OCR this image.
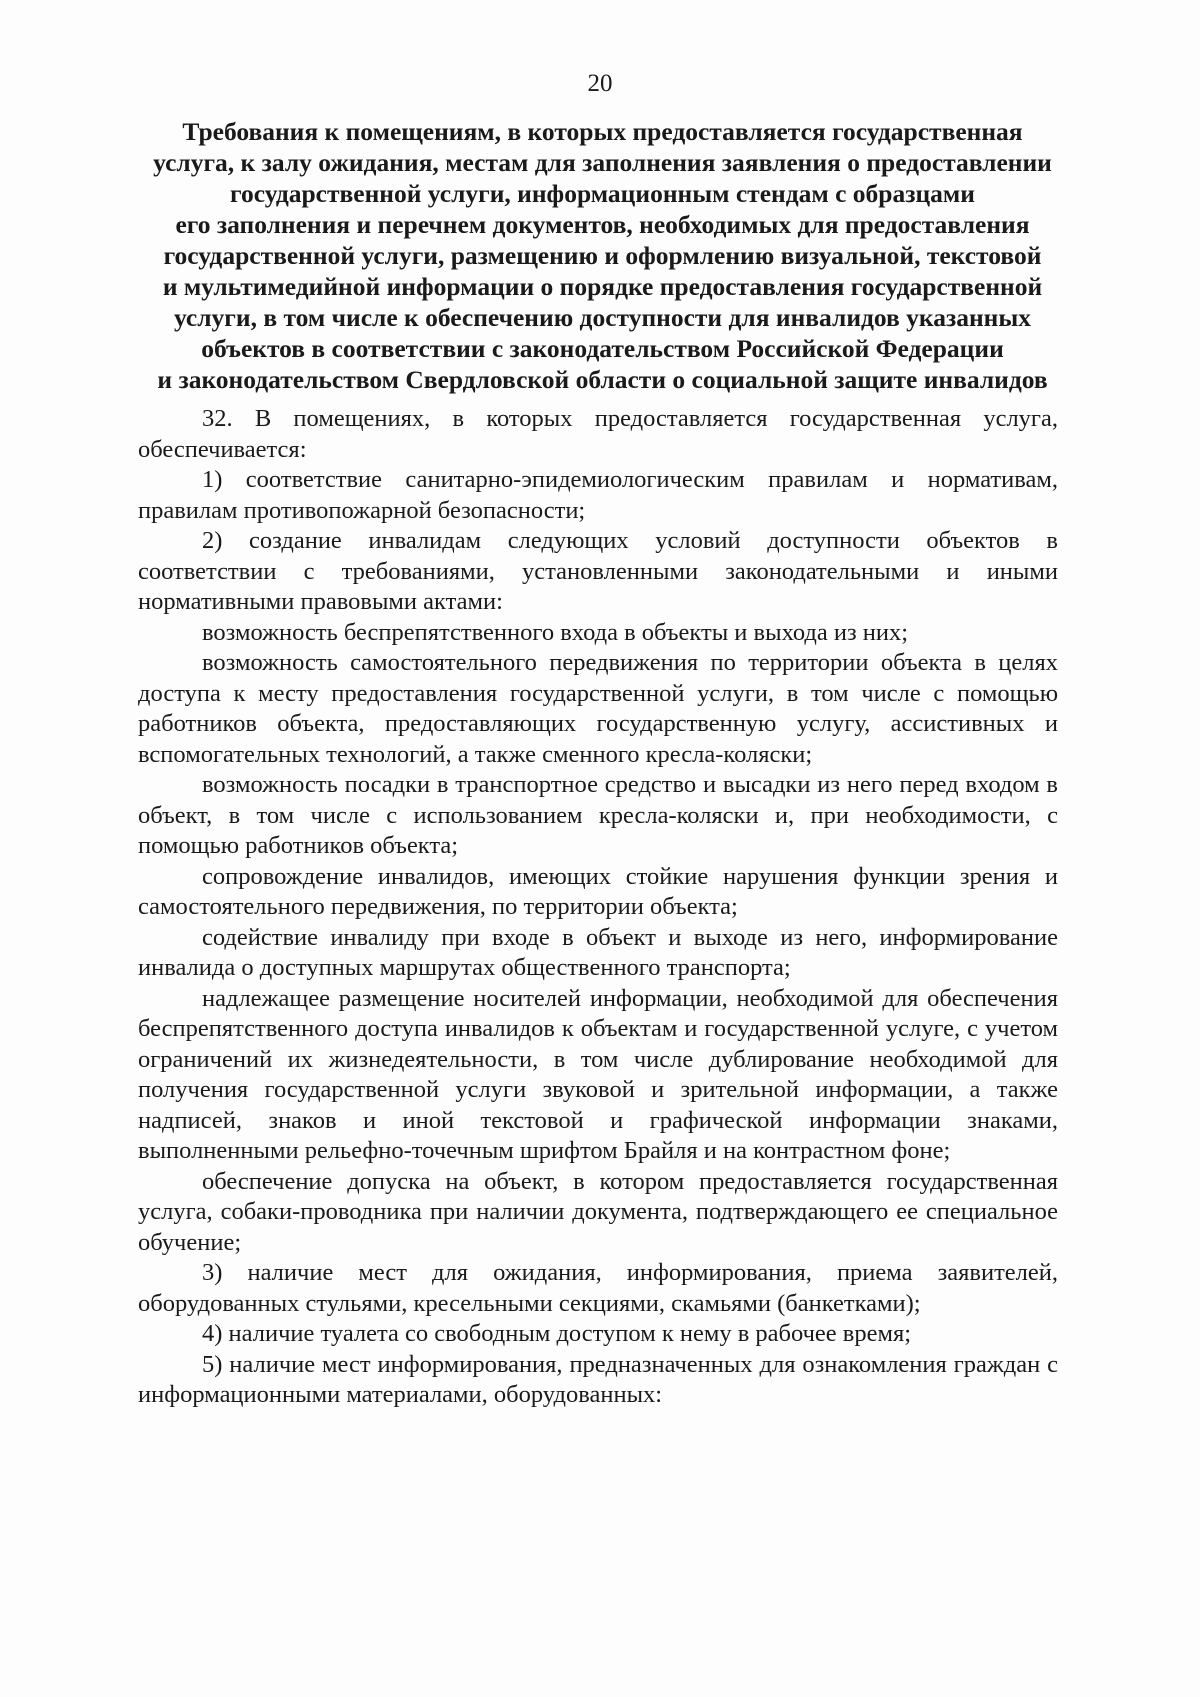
20
Требования к помещениям, в которых предоставляется государственная
услуга, к залу ожидания, местам для заполнения заявления о предоставлении
государственной услуги, информационным стендам с образцами
его заполнения и перечнем документов, необходимых для предоставления
государственной услуги, размещению и оформлению визуальной, текстовой
и мультимедийной информации о порядке предоставления государственной
услуги, в том числе к обеспечению доступности для инвалидов указанных
объектов в соответствии с законодательством Российской Федерации
и законодательством Свердловской области о социальной защите инвалидов

32. В помещениях, в которых предоставляется государственная услуга, обеспечивается:

1) соответствие санитарно-эпидемиологическим правилам и нормативам, правилам противопожарной безопасности;

2) создание инвалидам следующих условий доступности объектов в соответствии с требованиями, установленными законодательными и иными нормативными правовыми актами:

возможность беспрепятственного входа в объекты и выхода из них;

возможность самостоятельного передвижения по территории объекта в целях доступа к месту предоставления государственной услуги, в том числе с помощью работников объекта, предоставляющих государственную услугу, ассистивных и вспомогательных технологий, а также сменного кресла-коляски;

возможность посадки в транспортное средство и высадки из него перед входом в объект, в том числе с использованием кресла-коляски и, при необходимости, с помощью работников объекта;

сопровождение инвалидов, имеющих стойкие нарушения функции зрения и самостоятельного передвижения, по территории объекта;

содействие инвалиду при входе в объект и выходе из него, информирование инвалида о доступных маршрутах общественного транспорта;

надлежащее размещение носителей информации, необходимой для обеспечения беспрепятственного доступа инвалидов к объектам и государственной услуге, с учетом ограничений их жизнедеятельности, в том числе дублирование необходимой для получения государственной услуги звуковой и зрительной информации, а также надписей, знаков и иной текстовой и графической информации знаками, выполненными рельефно-точечным шрифтом Брайля и на контрастном фоне;

обеспечение допуска на объект, в котором предоставляется государственная услуга, собаки-проводника при наличии документа, подтверждающего ее специальное обучение;

3) наличие мест для ожидания, информирования, приема заявителей, оборудованных стульями, кресельными секциями, скамьями (банкетками);

4) наличие туалета со свободным доступом к нему в рабочее время;

5) наличие мест информирования, предназначенных для ознакомления граждан с информационными материалами, оборудованных:
